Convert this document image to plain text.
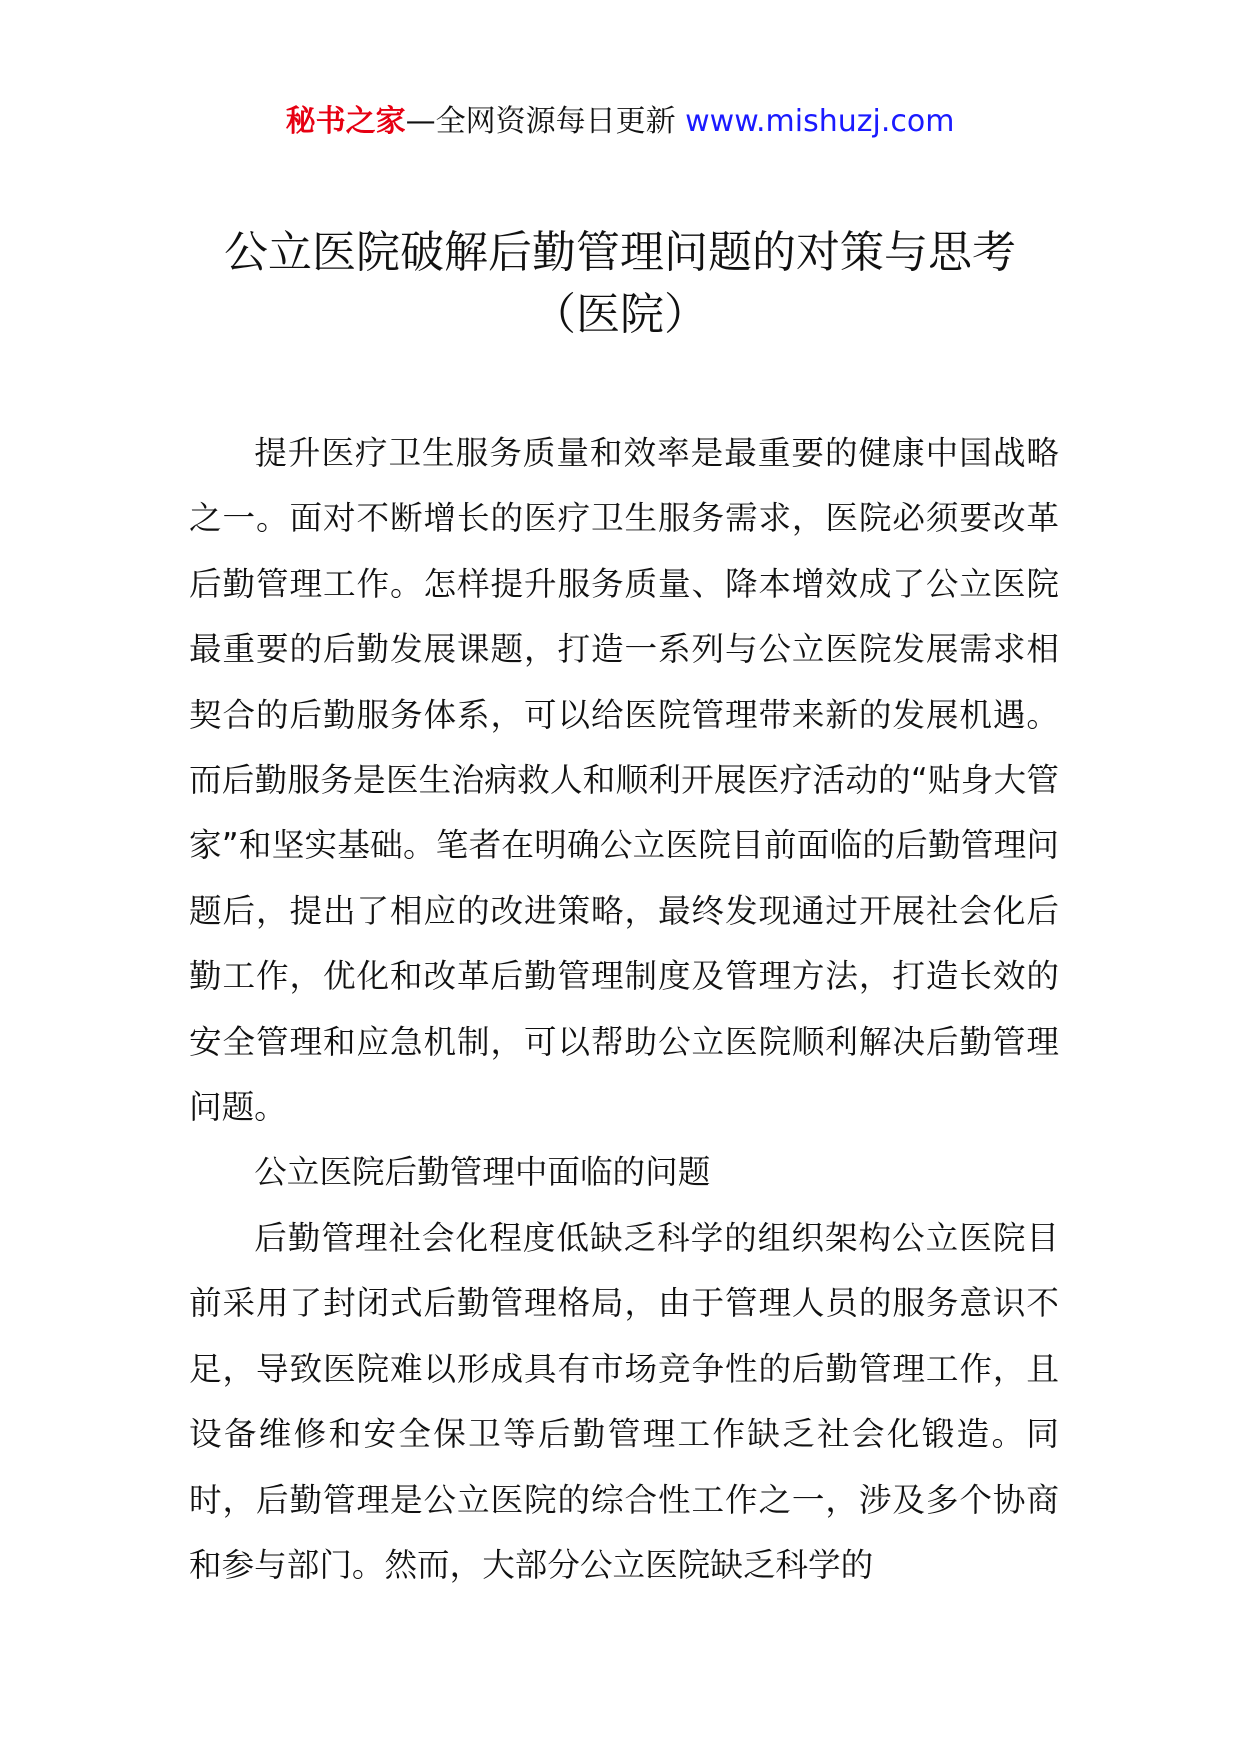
秘书之家—全网资源每日更新 www.mishuzj.com
公立医院破解后勤管理问题的对策与思考
（医院）

提升医疗卫生服务质量和效率是最重要的健康中国战略之一。面对不断增长的医疗卫生服务需求，医院必须要改革后勤管理工作。怎样提升服务质量、降本增效成了公立医院最重要的后勤发展课题，打造一系列与公立医院发展需求相契合的后勤服务体系，可以给医院管理带来新的发展机遇。而后勤服务是医生治病救人和顺利开展医疗活动的“贴身大管家”和坚实基础。笔者在明确公立医院目前面临的后勤管理问题后，提出了相应的改进策略，最终发现通过开展社会化后勤工作，优化和改革后勤管理制度及管理方法，打造长效的安全管理和应急机制，可以帮助公立医院顺利解决后勤管理问题。

公立医院后勤管理中面临的问题

后勤管理社会化程度低缺乏科学的组织架构公立医院目前采用了封闭式后勤管理格局，由于管理人员的服务意识不足，导致医院难以形成具有市场竞争性的后勤管理工作，且设备维修和安全保卫等后勤管理工作缺乏社会化锻造。同时，后勤管理是公立医院的综合性工作之一，涉及多个协商和参与部门。然而，大部分公立医院缺乏科学的
